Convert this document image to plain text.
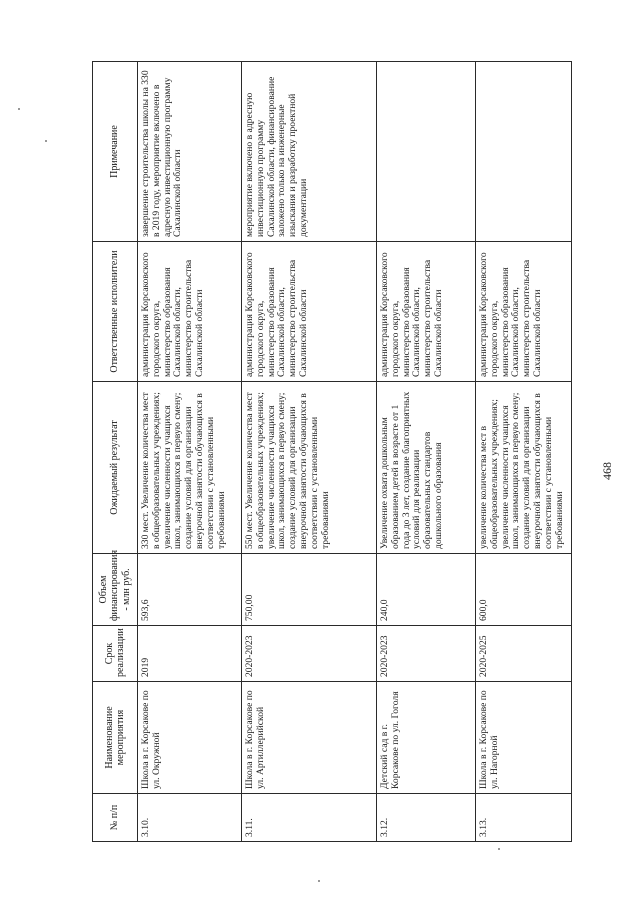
№ п/п	Наименование мероприятия	Срок реализации	Объем финансирования - млн руб.	Ожидаемый результат	Ответственные исполнители	Примечание
3.10.	Школа в г. Корсакове по ул. Окружной	2019	593,6	330 мест. Увеличение количества мест в общеобразовательных учреждениях; увеличение численности учащихся школ, занимающихся в первую смену; создание условий для организации внеурочной занятости обучающихся в соответствии с установленными требованиями	администрация Корсаковского городского округа, министерство образования Сахалинской области, министерство строительства Сахалинской области	завершение строительства школы на 330 в 2019 году, мероприятие включено в адресную инвестиционную программу Сахалинской области
3.11.	Школа в г. Корсакове по ул. Артиллерийской	2020-2023	750,00	550 мест. Увеличение количества мест в общеобразовательных учреждениях; увеличение численности учащихся школ, занимающихся в первую смену; создание условий для организации внеурочной занятости обучающихся в соответствии с установленными требованиями	администрация Корсаковского городского округа, министерство образования Сахалинской области, министерство строительства Сахалинской области	мероприятие включено в адресную инвестиционную программу Сахалинской области, финансирование заложено только на инженерные изыскания и разработку проектной документации
3.12.	Детский сад в г. Корсакове по ул. Гоголя	2020-2023	240,0	Увеличение охвата дошкольным образованием детей в возрасте от 1 года до 3 лет, создание благоприятных условий для реализации образовательных стандартов дошкольного образования	администрация Корсаковского городского округа, министерство образования Сахалинской области, министерство строительства Сахалинской области	
3.13.	Школа в г. Корсакове по ул. Нагорной	2020-2025	600,0	увеличение количества мест в общеобразовательных учреждениях; увеличение численности учащихся школ, занимающихся в первую смену; создание условий для организации внеурочной занятости обучающихся в соответствии с установленными требованиями	администрация Корсаковского городского округа, министерство образования Сахалинской области, министерство строительства Сахалинской области	
468
